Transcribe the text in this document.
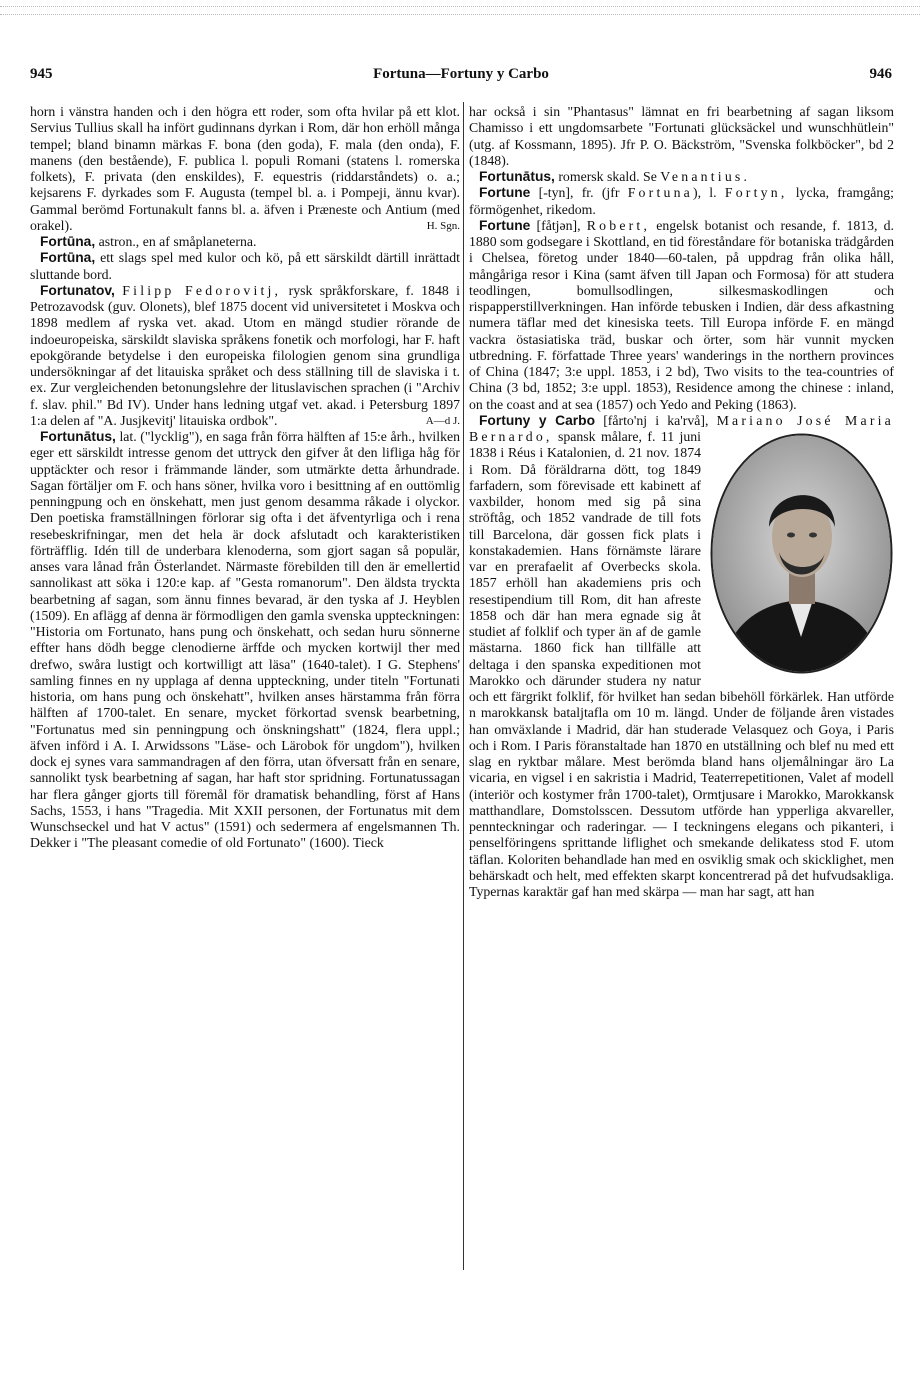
945	Fortuna—Fortuny y Carbo	946

horn i vänstra handen och i den högra ett roder, som ofta hvilar på ett klot. Servius Tullius skall ha infört gudinnans dyrkan i Rom, där hon erhöll många tempel; bland binamn märkas F. bona (den goda), F. mala (den onda), F. manens (den bestående), F. publica l. populi Romani (statens l. romerska folkets), F. privata (den enskildes), F. equestris (riddarståndets) o. a.; kejsarens F. dyrkades som F. Augusta (tempel bl. a. i Pompeji, ännu kvar). Gammal berömd Fortunakult fanns bl. a. äfven i Præneste och Antium (med orakel).	H. Sgn.

Fortūna, astron., en af småplaneterna.

Fortūna, ett slags spel med kulor och kö, på ett särskildt därtill inrättadt sluttande bord.

Fortunatov, Filipp Fedorovitj, rysk språkforskare, f. 1848 i Petrozavodsk (guv. Olonets), blef 1875 docent vid universitetet i Moskva och 1898 medlem af ryska vet. akad. Utom en mängd studier rörande de indoeuropeiska, särskildt slaviska språkens fonetik och morfologi, har F. haft epokgörande betydelse i den europeiska filologien genom sina grundliga undersökningar af det litauiska språket och dess ställning till de slaviska i t. ex. Zur vergleichenden betonungslehre der lituslavischen sprachen (i "Archiv f. slav. phil." Bd IV). Under hans ledning utgaf vet. akad. i Petersburg 1897 1:a delen af "A. Jusjkevitj' litauiska ordbok".	A—d J.

Fortunātus, lat. ("lycklig"), en saga från förra hälften af 15:e årh., hvilken eger ett särskildt intresse genom det uttryck den gifver åt den lifliga håg för upptäckter och resor i främmande länder, som utmärkte detta århundrade. Sagan förtäljer om F. och hans söner, hvilka voro i besittning af en outtömlig penningpung och en önskehatt, men just genom desamma råkade i olyckor. Den poetiska framställningen förlorar sig ofta i det äfventyrliga och i rena resebeskrifningar, men det hela är dock afslutadt och karakteristiken förträfflig. Idén till de underbara klenoderna, som gjort sagan så populär, anses vara lånad från Österlandet. Närmaste förebilden till den är emellertid sannolikast att söka i 120:e kap. af "Gesta romanorum". Den äldsta tryckta bearbetning af sagan, som ännu finnes bevarad, är den tyska af J. Heyblen (1509). En aflägg af denna är förmodligen den gamla svenska uppteckningen: "Historia om Fortunato, hans pung och önskehatt, och sedan huru sönnerne effter hans dödh begge clenodierne ärffde och mycken kortwijl ther med drefwo, swåra lustigt och kortwilligt att läsa" (1640-talet). I G. Stephens' samling finnes en ny upplaga af denna uppteckning, under titeln "Fortunati historia, om hans pung och önskehatt", hvilken anses härstamma från förra hälften af 1700-talet. En senare, mycket förkortad svensk bearbetning, "Fortunatus med sin penningpung och önskningshatt" (1824, flera uppl.; äfven införd i A. I. Arwidssons "Läse- och Lärobok för ungdom"), hvilken dock ej synes vara sammandragen af den förra, utan öfversatt från en senare, sannolikt tysk bearbetning af sagan, har haft stor spridning. Fortunatussagan har flera gånger gjorts till föremål för dramatisk behandling, först af Hans Sachs, 1553, i hans "Tragedia. Mit XXII personen, der Fortunatus mit dem Wunschseckel und hat V actus" (1591) och sedermera af engelsmannen Th. Dekker i "The pleasant comedie of old Fortunato" (1600). Tieck

har också i sin "Phantasus" lämnat en fri bearbetning af sagan liksom Chamisso i ett ungdomsarbete "Fortunati glücksäckel und wunschhütlein" (utg. af Kossmann, 1895). Jfr P. O. Bäckström, "Svenska folkböcker", bd 2 (1848).

Fortunātus, romersk skald. Se Venantius.

Fortune [-tyn], fr. (jfr Fortuna), l. Fortyn, lycka, framgång; förmögenhet, rikedom.

Fortune [fåtjən], Robert, engelsk botanist och resande, f. 1813, d. 1880 som godsegare i Skottland, en tid föreståndare för botaniska trädgården i Chelsea, företog under 1840—60-talen, på uppdrag från olika håll, mångåriga resor i Kina (samt äfven till Japan och Formosa) för att studera teodlingen, bomullsodlingen, silkesmaskodlingen och rispapperstillverkningen. Han införde tebusken i Indien, där dess afkastning numera täflar med det kinesiska teets. Till Europa införde F. en mängd vackra östasiatiska träd, buskar och örter, som här vunnit mycken utbredning. F. författade Three years' wanderings in the northern provinces of China (1847; 3:e uppl. 1853, i 2 bd), Two visits to the tea-countries of China (3 bd, 1852; 3:e uppl. 1853), Residence among the chinese : inland, on the coast and at sea (1857) och Yedo and Peking (1863).

Fortuny y Carbo [fårto'nj i ka'rvå], Mariano José Maria Bernardo,
spansk målare, f. 11 juni 1838 i Réus i Katalonien, d. 21 nov. 1874 i Rom. Då föräldrarna dött, tog 1849 farfadern, som förevisade ett kabinett af vaxbilder, honom med sig på sina ströftåg, och 1852 vandrade de till fots till Barcelona, där gossen fick plats i konstakademien. Hans förnämste lärare var en prerafaelit af Overbecks skola. 1857 erhöll han akademiens pris och resestipendium till Rom, dit han afreste 1858 och där han mera egnade sig åt studiet af folklif och typer än af de gamle mästarna. 1860 fick han tillfälle att deltaga i den spanska expeditionen mot Marokko och därunder studera ny natur och ett färgrikt folklif, för hvilket han sedan bibehöll förkärlek. Han utförde n marokkansk bataljtafla om 10 m. längd. Under de följande åren vistades han omväxlande i Madrid, där han studerade Velasquez och Goya, i Paris och i Rom. I Paris föranstaltade han 1870 en utställning och blef nu med ett slag en ryktbar målare. Mest berömda bland hans oljemålningar äro La vicaria, en vigsel i en sakristia i Madrid, Teaterrepetitionen, Valet af modell (interiör och kostymer från 1700-talet), Ormtjusare i Marokko, Marokkansk matthandlare, Domstolsscen. Dessutom utförde han ypperliga akvareller, pennteckningar och raderingar. — I teckningens elegans och pikanteri, i penselföringens sprittande liflighet och smekande delikatess stod F. utom täflan. Koloriten behandlade han med en osviklig smak och skicklighet, men behärskadt och helt, med effekten skarpt koncentrerad på det hufvudsakliga. Typernas karaktär gaf han med skärpa — man har sagt, att han
